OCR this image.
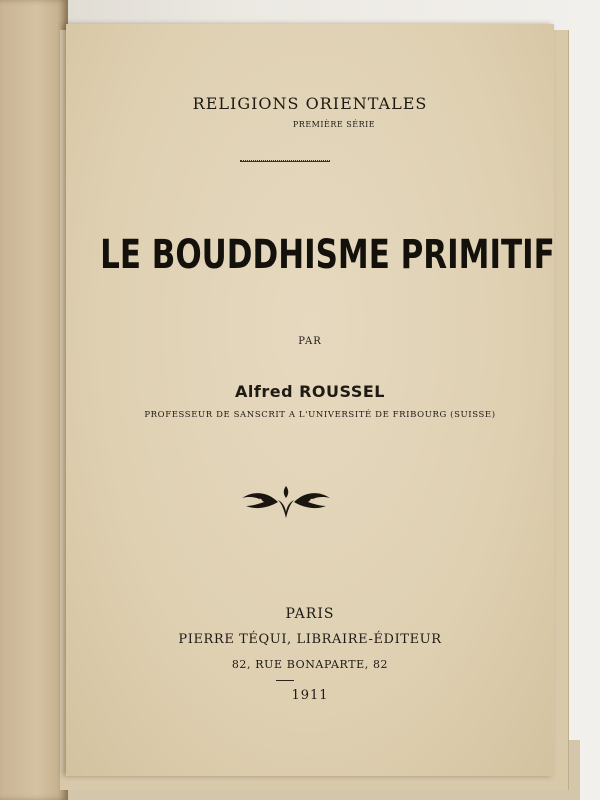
RELIGIONS ORIENTALES
PREMIÈRE SÉRIE
LE BOUDDHISME PRIMITIF
PAR
Alfred ROUSSEL
PROFESSEUR DE SANSCRIT A L'UNIVERSITÉ DE FRIBOURG (SUISSE)
PARIS
PIERRE TÉQUI, LIBRAIRE-ÉDITEUR
82, RUE BONAPARTE, 82
1911
